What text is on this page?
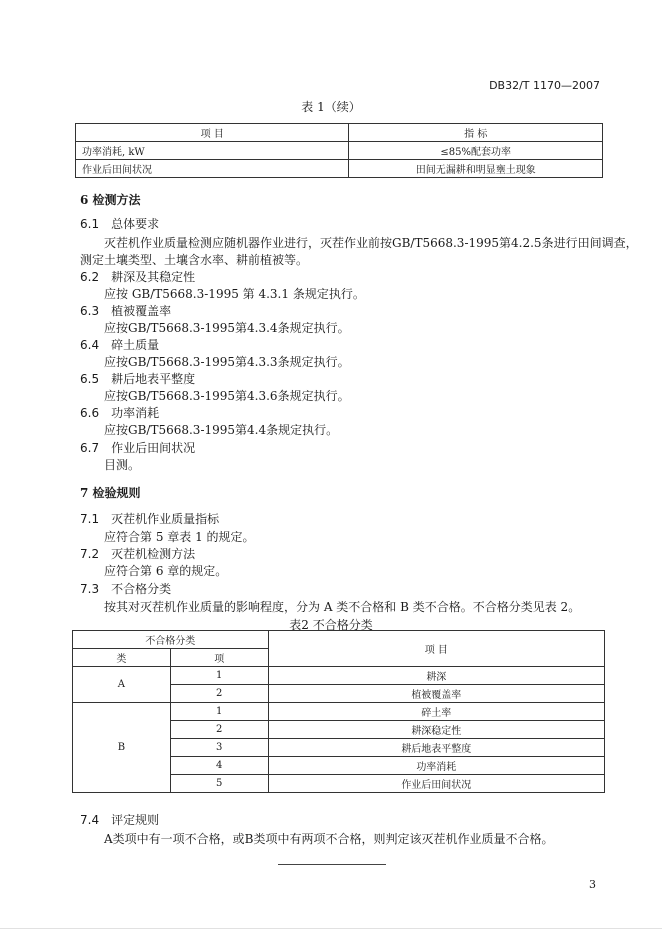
DB32/T 1170—2007
表 1（续）
项 目	指 标
功率消耗, kW	≤85%配套功率
作业后田间状况	田间无漏耕和明显壅土现象
6 检测方法
6.1 总体要求
灭茬机作业质量检测应随机器作业进行，灭茬作业前按GB/T5668.3-1995第4.2.5条进行田间调查，
测定土壤类型、土壤含水率、耕前植被等。
6.2 耕深及其稳定性
应按 GB/T5668.3-1995 第 4.3.1 条规定执行。
6.3 植被覆盖率
应按GB/T5668.3-1995第4.3.4条规定执行。
6.4 碎土质量
应按GB/T5668.3-1995第4.3.3条规定执行。
6.5 耕后地表平整度
应按GB/T5668.3-1995第4.3.6条规定执行。
6.6 功率消耗
应按GB/T5668.3-1995第4.4条规定执行。
6.7 作业后田间状况
目测。
7 检验规则
7.1 灭茬机作业质量指标
应符合第 5 章表 1 的规定。
7.2 灭茬机检测方法
应符合第 6 章的规定。
7.3 不合格分类
按其对灭茬机作业质量的影响程度，分为 A 类不合格和 B 类不合格。不合格分类见表 2。
表2 不合格分类
不合格分类		项 目
类	项	
A	1	耕深
	2	植被覆盖率
B	1	碎土率
	2	耕深稳定性
	3	耕后地表平整度
	4	功率消耗
	5	作业后田间状况
7.4 评定规则
A类项中有一项不合格，或B类项中有两项不合格，则判定该灭茬机作业质量不合格。
3
